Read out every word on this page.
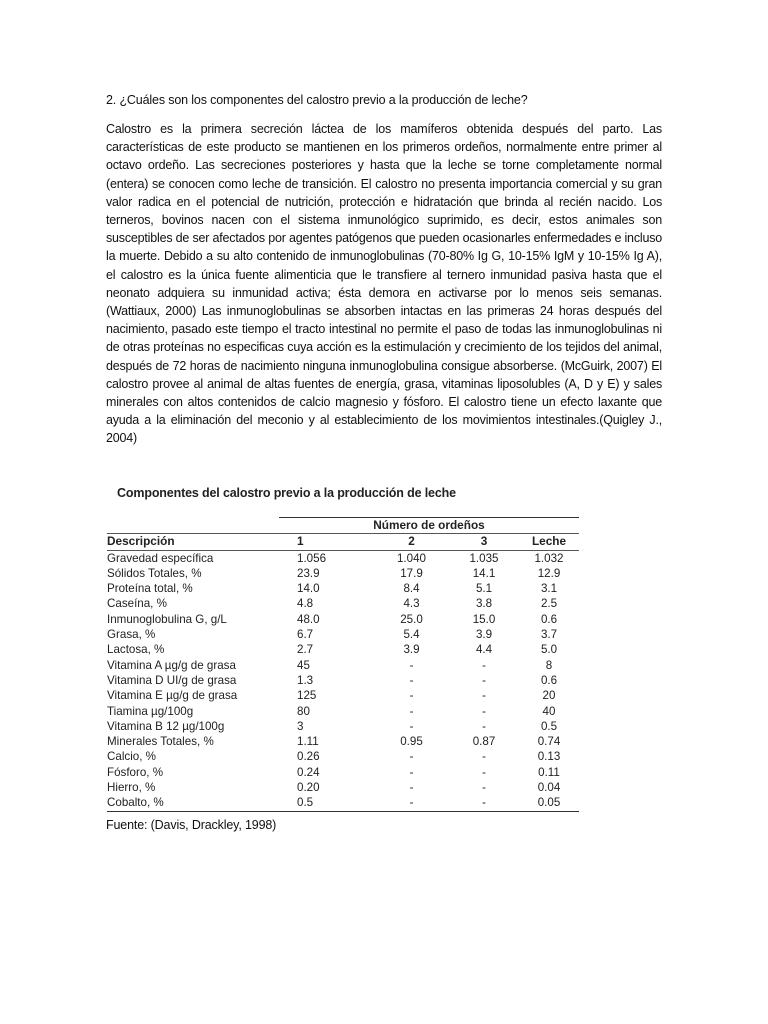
2. ¿Cuáles son los componentes del calostro previo a la producción de leche?

Calostro es la primera secreción láctea de los mamíferos obtenida después del parto. Las características de este producto se mantienen en los primeros ordeños, normalmente entre primer al octavo ordeño. Las secreciones posteriores y hasta que la leche se torne completamente normal (entera) se conocen como leche de transición. El calostro no presenta importancia comercial y su gran valor radica en el potencial de nutrición, protección e hidratación que brinda al recién nacido. Los terneros, bovinos nacen con el sistema inmunológico suprimido, es decir, estos animales son susceptibles de ser afectados por agentes patógenos que pueden ocasionarles enfermedades e incluso la muerte. Debido a su alto contenido de inmunoglobulinas (70-80% Ig G, 10-15% IgM y 10-15% Ig A), el calostro es la única fuente alimenticia que le transfiere al ternero inmunidad pasiva hasta que el neonato adquiera su inmunidad activa; ésta demora en activarse por lo menos seis semanas. (Wattiaux, 2000) Las inmunoglobulinas se absorben intactas en las primeras 24 horas después del nacimiento, pasado este tiempo el tracto intestinal no permite el paso de todas las inmunoglobulinas ni de otras proteínas no especificas cuya acción es la estimulación y crecimiento de los tejidos del animal, después de 72 horas de nacimiento ninguna inmunoglobulina consigue absorberse. (McGuirk, 2007) El calostro provee al animal de altas fuentes de energía, grasa, vitaminas liposolubles (A, D y E) y sales minerales con altos contenidos de calcio magnesio y fósforo. El calostro tiene un efecto laxante que ayuda a la eliminación del meconio y al establecimiento de los movimientos intestinales.(Quigley J., 2004)

Componentes del calostro previo a la producción de leche
	Número de ordeños			
Descripción	1	2	3	Leche
Gravedad específica	1.056	1.040	1.035	1.032
Sólidos Totales, %	23.9	17.9	14.1	12.9
Proteína total, %	14.0	8.4	5.1	3.1
Caseína, %	4.8	4.3	3.8	2.5
Inmunoglobulina G, g/L	48.0	25.0	15.0	0.6
Grasa, %	6.7	5.4	3.9	3.7
Lactosa, %	2.7	3.9	4.4	5.0
Vitamina A µg/g de grasa	45	-	-	8
Vitamina D UI/g de grasa	1.3	-	-	0.6
Vitamina E µg/g de grasa	125	-	-	20
Tiamina µg/100g	80	-	-	40
Vitamina B 12 µg/100g	3	-	-	0.5
Minerales Totales, %	1.11	0.95	0.87	0.74
Calcio, %	0.26	-	-	0.13
Fósforo, %	0.24	-	-	0.11
Hierro, %	0.20	-	-	0.04
Cobalto, %	0.5	-	-	0.05
Fuente: (Davis, Drackley, 1998)
